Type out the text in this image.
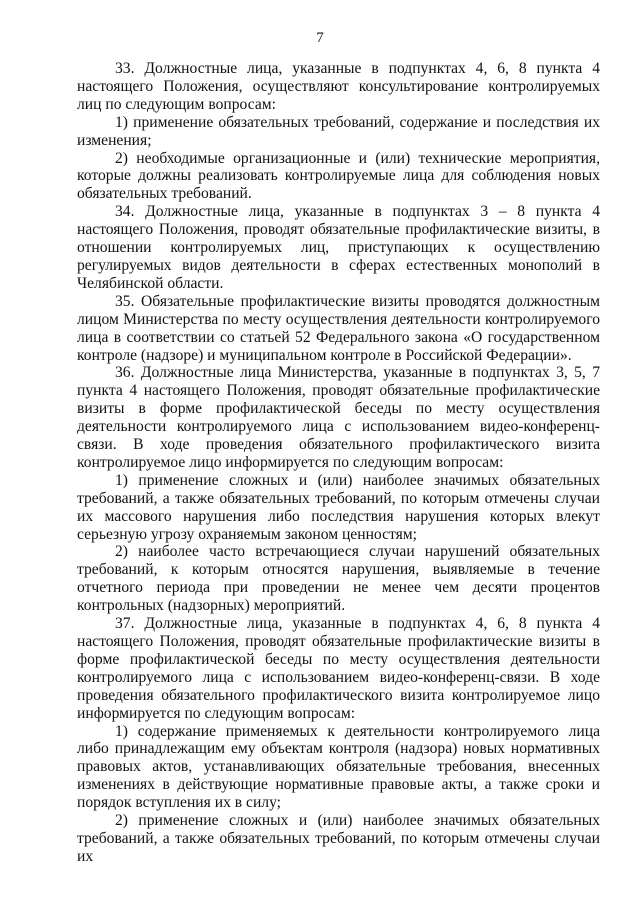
7

33. Должностные лица, указанные в подпунктах 4, 6, 8 пункта 4 настоящего Положения, осуществляют консультирование контролируемых лиц по следующим вопросам:

1) применение обязательных требований, содержание и последствия их изменения;

2) необходимые организационные и (или) технические мероприятия, которые должны реализовать контролируемые лица для соблюдения новых обязательных требований.

34. Должностные лица, указанные в подпунктах 3 – 8 пункта 4 настоящего Положения, проводят обязательные профилактические визиты, в отношении контролируемых лиц, приступающих к осуществлению регулируемых видов деятельности в сферах естественных монополий в Челябинской области.

35. Обязательные профилактические визиты проводятся должностным лицом Министерства по месту осуществления деятельности контролируемого лица в соответствии со статьей 52 Федерального закона «О государственном контроле (надзоре) и муниципальном контроле в Российской Федерации».

36. Должностные лица Министерства, указанные в подпунктах 3, 5, 7 пункта 4 настоящего Положения, проводят обязательные профилактические визиты в форме профилактической беседы по месту осуществления деятельности контролируемого лица с использованием видео-конференц-связи. В ходе проведения обязательного профилактического визита контролируемое лицо информируется по следующим вопросам:

1) применение сложных и (или) наиболее значимых обязательных требований, а также обязательных требований, по которым отмечены случаи их массового нарушения либо последствия нарушения которых влекут серьезную угрозу охраняемым законом ценностям;

2) наиболее часто встречающиеся случаи нарушений обязательных требований, к которым относятся нарушения, выявляемые в течение отчетного периода при проведении не менее чем десяти процентов контрольных (надзорных) мероприятий.

37. Должностные лица, указанные в подпунктах 4, 6, 8 пункта 4 настоящего Положения, проводят обязательные профилактические визиты в форме профилактической беседы по месту осуществления деятельности контролируемого лица с использованием видео-конференц-связи. В ходе проведения обязательного профилактического визита контролируемое лицо информируется по следующим вопросам:

1) содержание применяемых к деятельности контролируемого лица либо принадлежащим ему объектам контроля (надзора) новых нормативных правовых актов, устанавливающих обязательные требования, внесенных изменениях в действующие нормативные правовые акты, а также сроки и порядок вступления их в силу;

2) применение сложных и (или) наиболее значимых обязательных требований, а также обязательных требований, по которым отмечены случаи их
